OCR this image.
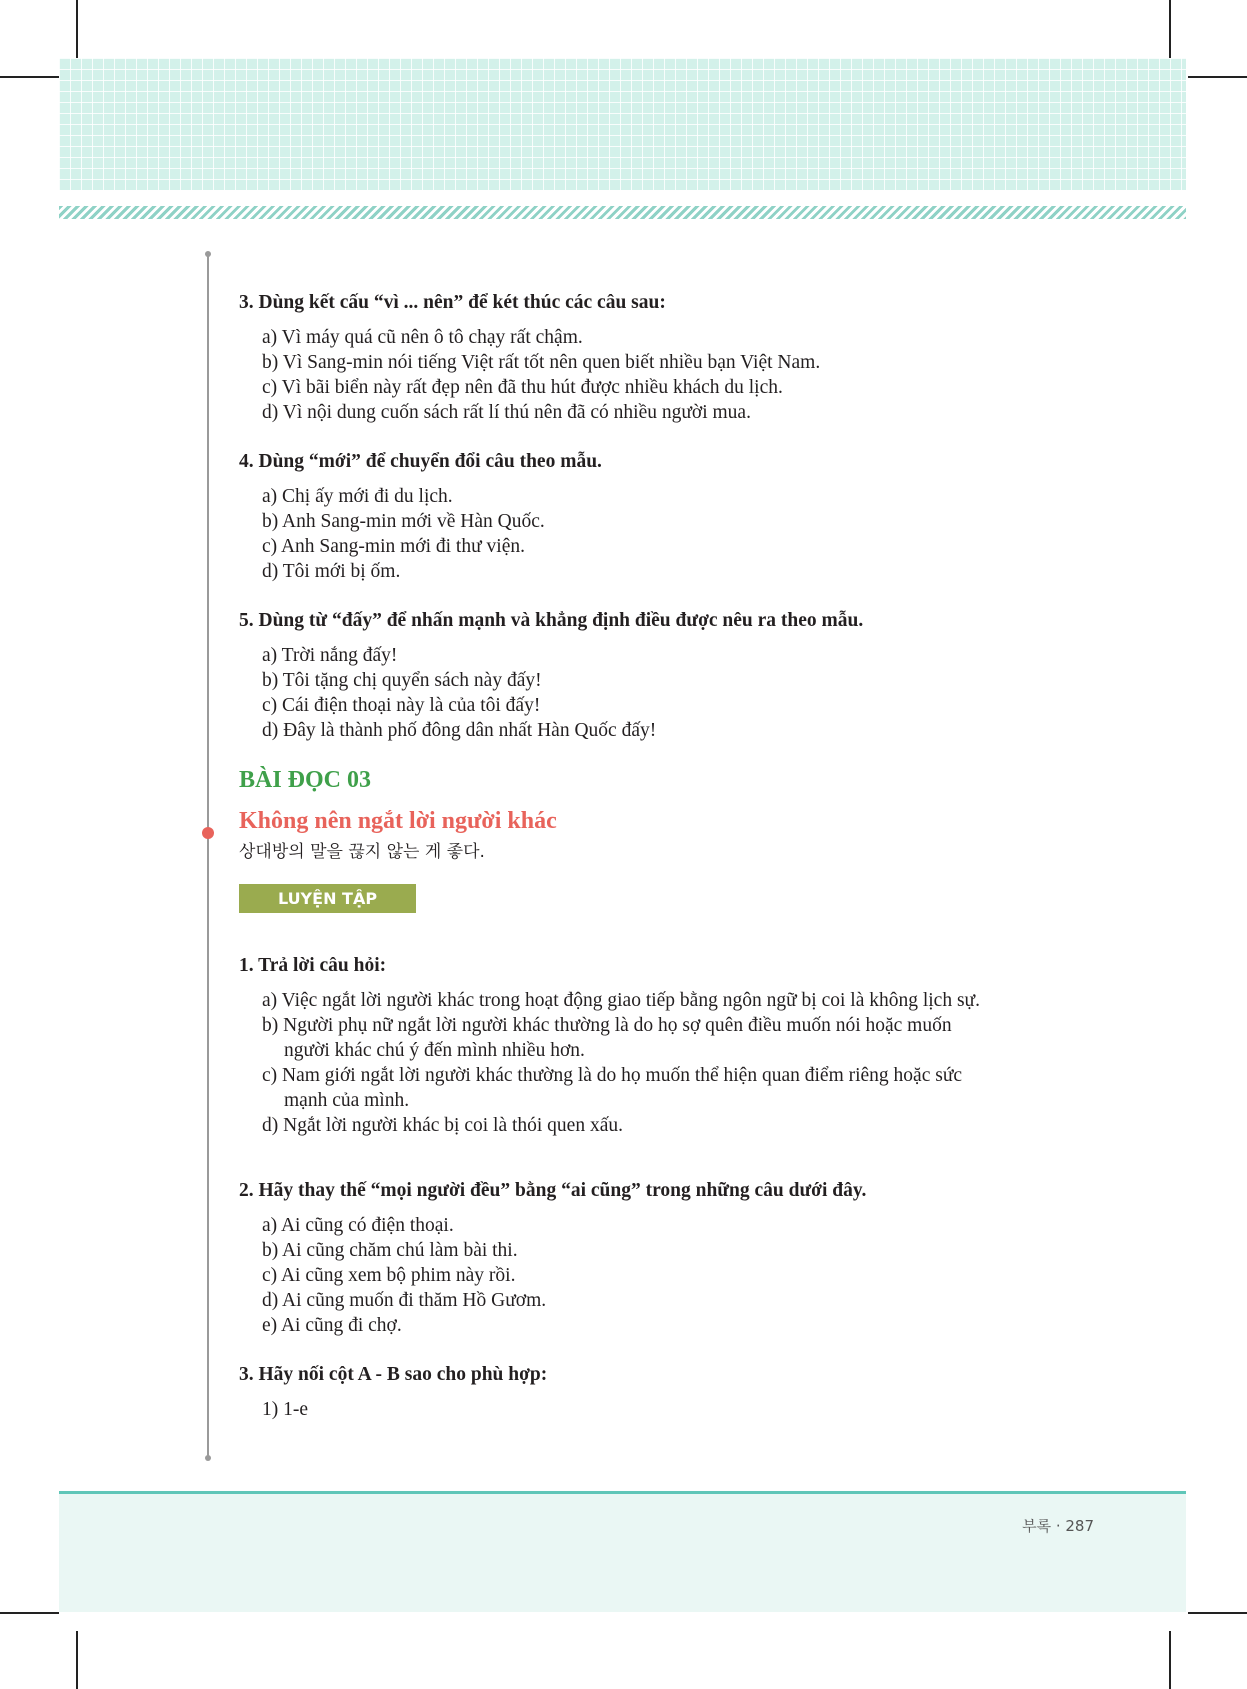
3. Dùng kết cấu “vì ... nên” để két thúc các câu sau:

a) Vì máy quá cũ nên ô tô chạy rất chậm.
b) Vì Sang-min nói tiếng Việt rất tốt nên quen biết nhiều bạn Việt Nam.
c) Vì bãi biển này rất đẹp nên đã thu hút được nhiều khách du lịch.
d) Vì nội dung cuốn sách rất lí thú nên đã có nhiều người mua.

4. Dùng “mới” để chuyển đổi câu theo mẫu.

a) Chị ấy mới đi du lịch.
b) Anh Sang-min mới về Hàn Quốc.
c) Anh Sang-min mới đi thư viện.
d) Tôi mới bị ốm.

5. Dùng từ “đấy” để nhấn mạnh và khẳng định điều được nêu ra theo mẫu.

a) Trời nắng đấy!
b) Tôi tặng chị quyển sách này đấy!
c) Cái điện thoại này là của tôi đấy!
d) Đây là thành phố đông dân nhất Hàn Quốc đấy!
BÀI ĐỌC 03
Không nên ngắt lời người khác
상대방의 말을 끊지 않는 게 좋다.
LUYỆN TẬP

1. Trả lời câu hỏi:

a) Việc ngắt lời người khác trong hoạt động giao tiếp bằng ngôn ngữ bị coi là không lịch sự.
b) Người phụ nữ ngắt lời người khác thường là do họ sợ quên điều muốn nói hoặc muốn
người khác chú ý đến mình nhiều hơn.
c) Nam giới ngắt lời người khác thường là do họ muốn thể hiện quan điểm riêng hoặc sức
mạnh của mình.
d) Ngắt lời người khác bị coi là thói quen xấu.

2. Hãy thay thế “mọi người đều” bằng “ai cũng” trong những câu dưới đây.

a) Ai cũng có điện thoại.
b) Ai cũng chăm chú làm bài thi.
c) Ai cũng xem bộ phim này rồi.
d) Ai cũng muốn đi thăm Hồ Gươm.
e) Ai cũng đi chợ.

3. Hãy nối cột A - B sao cho phù hợp:

1) 1-e
부록 · 287
